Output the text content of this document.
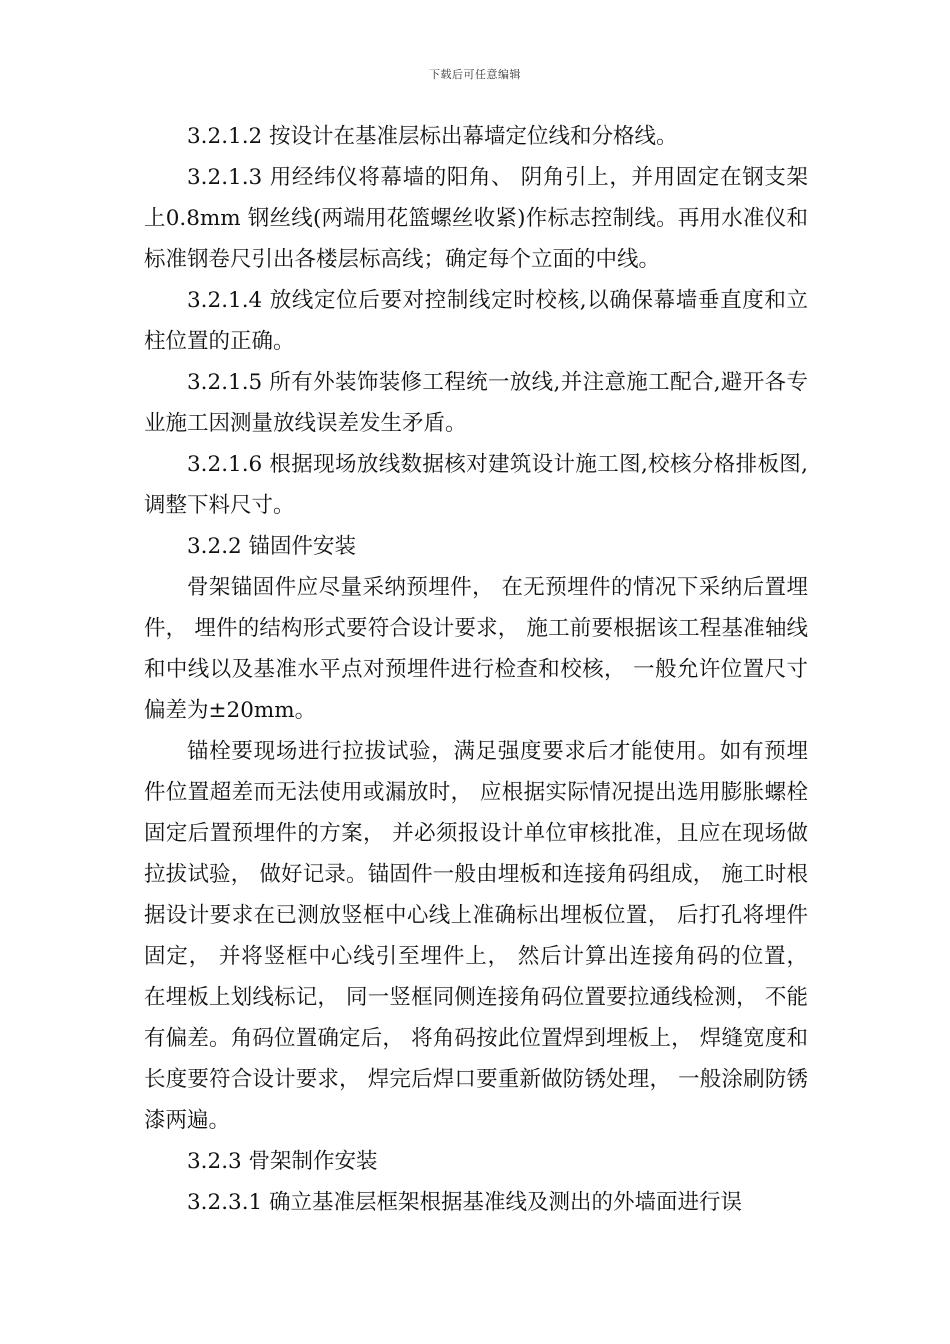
下载后可任意编辑

3.2.1.2 按设计在基准层标出幕墙定位线和分格线。

3.2.1.3 用经纬仪将幕墙的阳角、 阴角引上，并用固定在钢支架上0.8mm 钢丝线(两端用花篮螺丝收紧)作标志控制线。再用水准仪和标准钢卷尺引出各楼层标高线；确定每个立面的中线。

3.2.1.4 放线定位后要对控制线定时校核,以确保幕墙垂直度和立柱位置的正确。

3.2.1.5 所有外装饰装修工程统一放线,并注意施工配合,避开各专业施工因测量放线误差发生矛盾。

3.2.1.6 根据现场放线数据核对建筑设计施工图,校核分格排板图,调整下料尺寸。

3.2.2 锚固件安装

骨架锚固件应尽量采纳预埋件， 在无预埋件的情况下采纳后置埋件， 埋件的结构形式要符合设计要求， 施工前要根据该工程基准轴线和中线以及基准水平点对预埋件进行检查和校核， 一般允许位置尺寸偏差为±20mm。

锚栓要现场进行拉拔试验，满足强度要求后才能使用。如有预埋件位置超差而无法使用或漏放时， 应根据实际情况提出选用膨胀螺栓固定后置预埋件的方案， 并必须报设计单位审核批准，且应在现场做拉拔试验， 做好记录。锚固件一般由埋板和连接角码组成， 施工时根据设计要求在已测放竖框中心线上准确标出埋板位置， 后打孔将埋件固定， 并将竖框中心线引至埋件上， 然后计算出连接角码的位置， 在埋板上划线标记， 同一竖框同侧连接角码位置要拉通线检测， 不能有偏差。角码位置确定后， 将角码按此位置焊到埋板上， 焊缝宽度和长度要符合设计要求， 焊完后焊口要重新做防锈处理， 一般涂刷防锈漆两遍。

3.2.3 骨架制作安装

3.2.3.1 确立基准层框架根据基准线及测出的外墙面进行误
